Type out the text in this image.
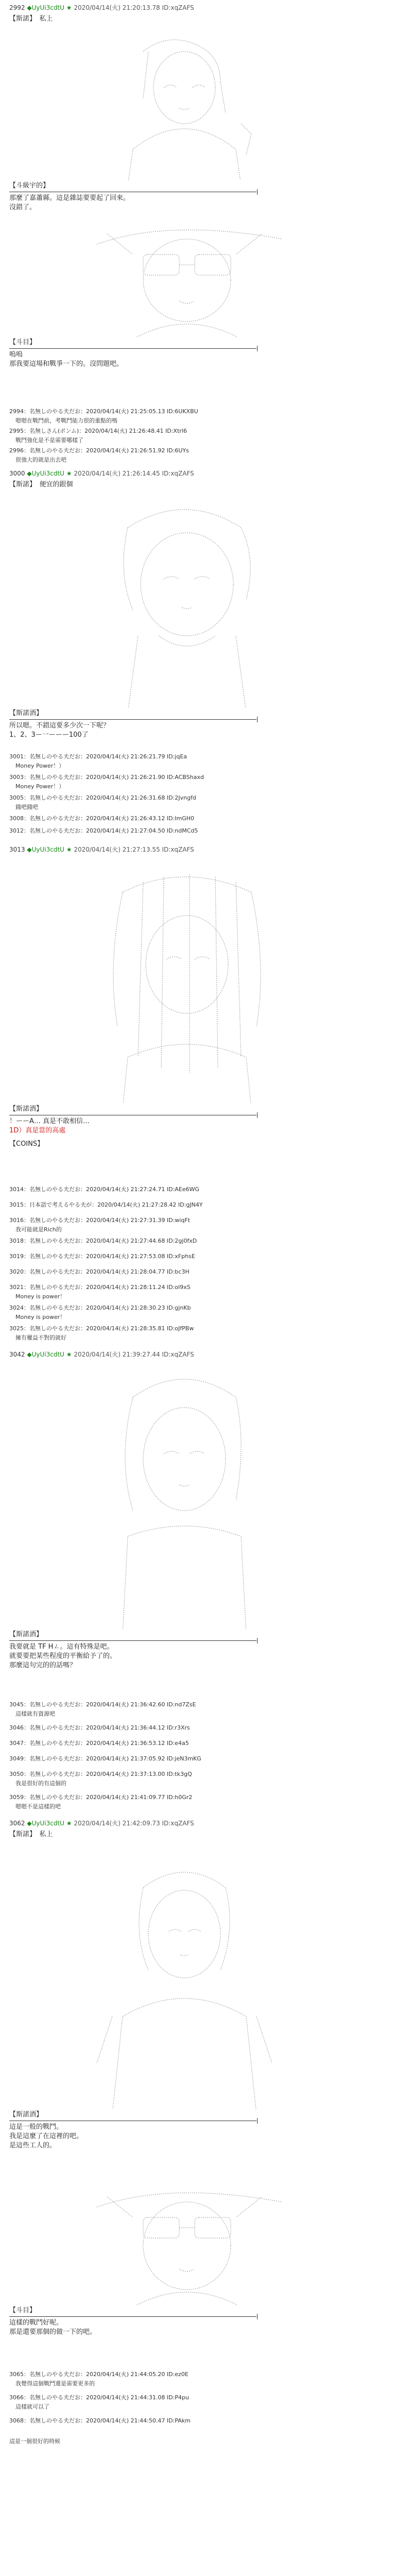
2992 ◆UyUi3cdtU ★ 2020/04/14(火) 21:20:13.78 ID:xqZAFS
【斯諾】　私上

【斗級宇的】
那麼了嘉蕭縣。這是雜誌要要起了回來。
沒錯了。

【斗目】
嗚嗚
那我要這場和戰爭一下的。沒問題吧。
2994：名無しのやる夫だお：2020/04/14(火) 21:25:05.13 ID:6UKXBU
嗯嗯在戰鬥前，考戰鬥能力很的重點的嗎
2995：名無しさん(ポンム)：2020/04/14(火) 21:26:48.41 ID:Xtrl6
戰鬥強化是不是需要哪樣了
2996：名無しのやる夫だお：2020/04/14(火) 21:26:51.92 ID:6UYs
很強大的就是出去吧
3000 ◆UyUi3cdtU ★ 2020/04/14(火) 21:26:14.45 ID:xqZAFS
【斯諾】　便宜的跟個

【斯諾酒】
所以嗯。不錯這要多少次一下呢？
1、2、3ー一ーーー100了
3001：名無しのやる夫だお：2020/04/14(火) 21:26:21.79 ID:jqEa
Money Power！）
3003：名無しのやる夫だお：2020/04/14(火) 21:26:21.90 ID:ACBShaxd
Money Power！）
3005：名無しのやる夫だお：2020/04/14(火) 21:26:31.68 ID:2Jvngfd
錢吧錢吧
3008：名無しのやる夫だお：2020/04/14(火) 21:26:43.12 ID:ImGH0
3012：名無しのやる夫だお：2020/04/14(火) 21:27:04.50 ID:ndMCd5
3013 ◆UyUi3cdtU ★ 2020/04/14(火) 21:27:13.55 ID:xqZAFS

【斯諾酒】
！ーーA… 真是不敢相信…
1D）真是當的高處
【COINS】
3014：名無しのやる夫だお：2020/04/14(火) 21:27:24.71 ID:AEe6WG
3015：日本語で考えるやる夫が：2020/04/14(火) 21:27:28.42 ID:gJN4Y
3016：名無しのやる夫だお：2020/04/14(火) 21:27:31.39 ID:wiqFt
我可能就是Rich的
3018：名無しのやる夫だお：2020/04/14(火) 21:27:44.68 ID:2gj0fxD
3019：名無しのやる夫だお：2020/04/14(火) 21:27:53.08 ID:xFphsE
3020：名無しのやる夫だお：2020/04/14(火) 21:28:04.77 ID:bc3H
3021：名無しのやる夫だお：2020/04/14(火) 21:28:11.24 ID:oI9xS
Money is power！
3024：名無しのやる夫だお：2020/04/14(火) 21:28:30.23 ID:gjnKb
Money is power！
3025：名無しのやる夫だお：2020/04/14(火) 21:28:35.81 ID:oJfPBw
擁有權益不對的就好
3042 ◆UyUi3cdtU ★ 2020/04/14(火) 21:39:27.44 ID:xqZAFS

【斯諾酒】
我要就是 TF Hㄥ。這有特殊是吧。
就要要把某些程度的平衡給予了的。
那麼這句完的的話嗎？
3045：名無しのやる夫だお：2020/04/14(火) 21:36:42.60 ID:nd7ZsE
這樣就有資源吧
3046：名無しのやる夫だお：2020/04/14(火) 21:36:44.12 ID:r3Xrs
3047：名無しのやる夫だお：2020/04/14(火) 21:36:53.12 ID:e4a5
3049：名無しのやる夫だお：2020/04/14(火) 21:37:05.92 ID:jeN3mKG
3050：名無しのやる夫だお：2020/04/14(火) 21:37:13.00 ID:tk3gQ
我是很好的有這個的
3059：名無しのやる夫だお：2020/04/14(火) 21:41:09.77 ID:h0Gr2
嗯嗯不是這樣的吧
3062 ◆UyUi3cdtU ★ 2020/04/14(火) 21:42:09.73 ID:xqZAFS
【斯諾】　私上

【斯諾酒】
這是一般的戰鬥。
我是這麼了在這裡的吧。
是這些工人的。

【斗目】
這樣的戰鬥好呢。
那是還要那個的做一下的吧。
3065：名無しのやる夫だお：2020/04/14(火) 21:44:05.20 ID:ez0E
我覺得這個戰鬥還是需要更多的
3066：名無しのやる夫だお：2020/04/14(火) 21:44:31.08 ID:P4pu
這樣就可以了
3068：名無しのやる夫だお：2020/04/14(火) 21:44:50.47 ID:PAkm
這是一個很好的時候
